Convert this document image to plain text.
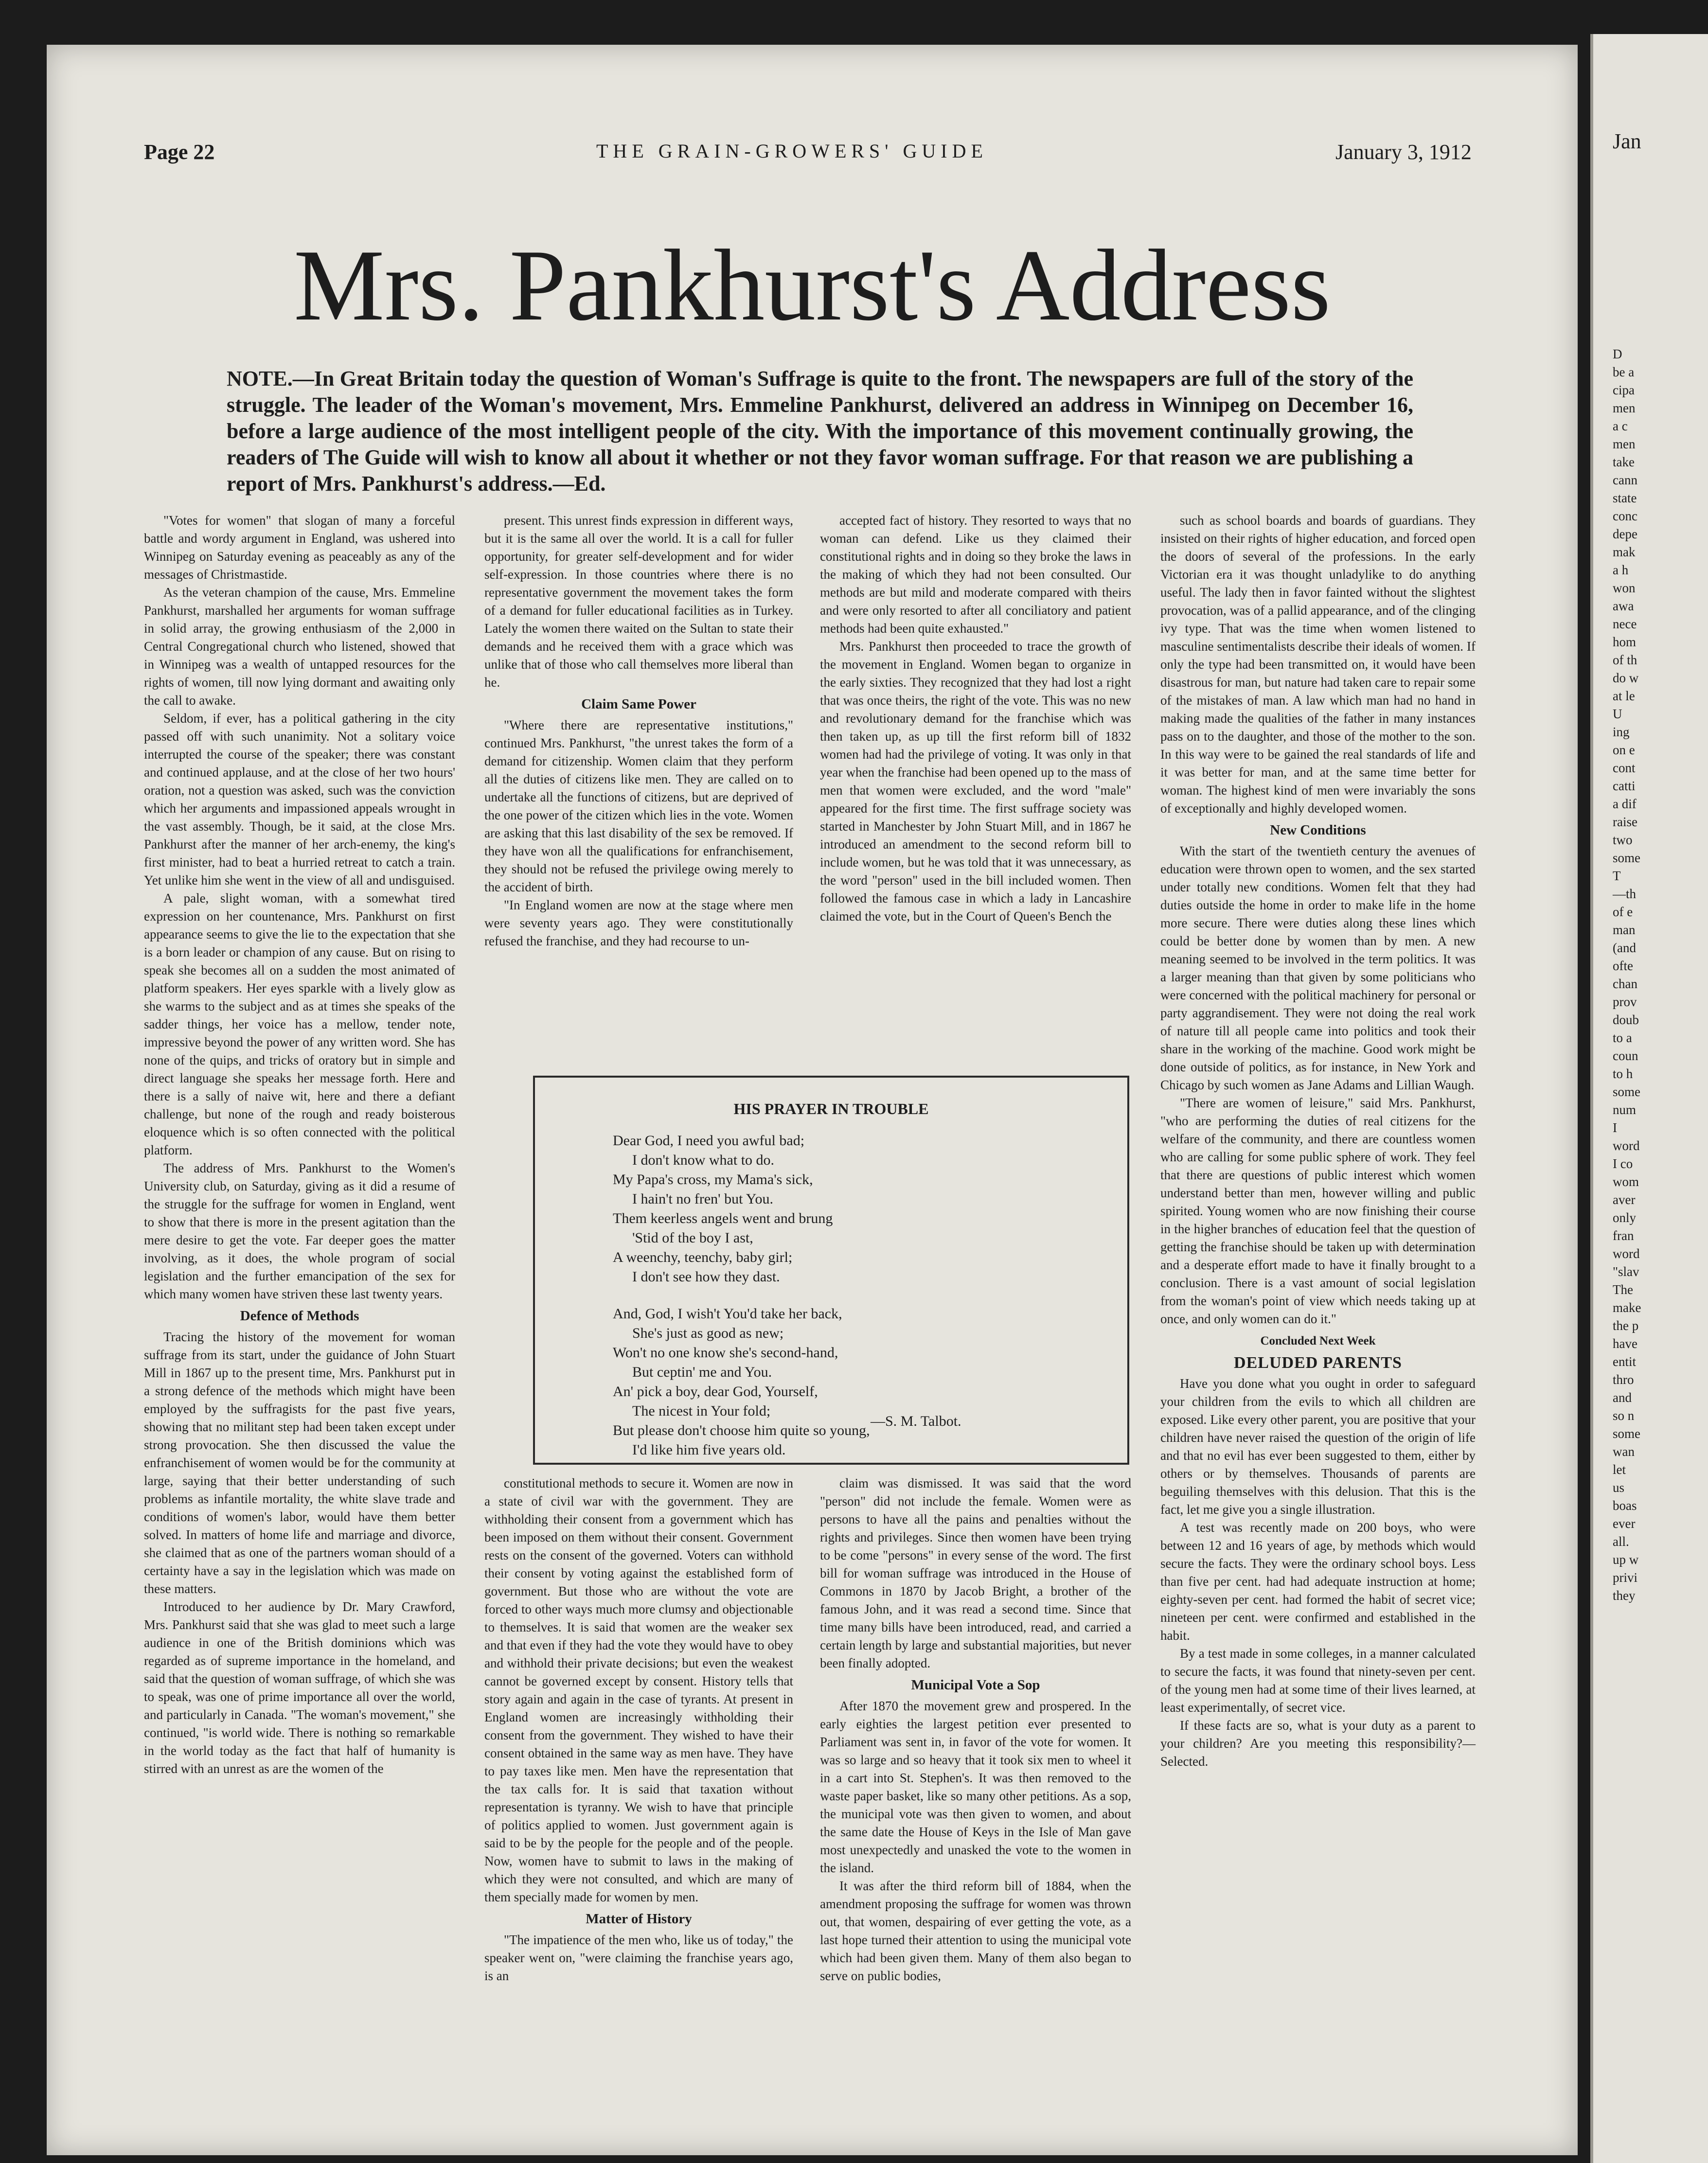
Page 22	THE GRAIN-GROWERS' GUIDE	January 3, 1912
Mrs. Pankhurst's Address
NOTE.—In Great Britain today the question of Woman's Suffrage is quite to the front. The newspapers are full of the story of the struggle. The leader of the Woman's movement, Mrs. Emmeline Pankhurst, delivered an address in Winnipeg on December 16, before a large audience of the most intelligent people of the city. With the importance of this movement continually growing, the readers of The Guide will wish to know all about it whether or not they favor woman suffrage. For that reason we are publishing a report of Mrs. Pankhurst's address.—Ed.

"Votes for women" that slogan of many a forceful battle and wordy argument in England, was ushered into Winnipeg on Saturday evening as peaceably as any of the messages of Christmastide.

As the veteran champion of the cause, Mrs. Emmeline Pankhurst, marshalled her arguments for woman suffrage in solid array, the growing enthusiasm of the 2,000 in Central Congregational church who listened, showed that in Winnipeg was a wealth of untapped resources for the rights of women, till now lying dormant and awaiting only the call to awake.

Seldom, if ever, has a political gathering in the city passed off with such unanimity. Not a solitary voice interrupted the course of the speaker; there was constant and continued applause, and at the close of her two hours' oration, not a question was asked, such was the conviction which her arguments and impassioned appeals wrought in the vast assembly. Though, be it said, at the close Mrs. Pankhurst after the manner of her arch-enemy, the king's first minister, had to beat a hurried retreat to catch a train. Yet unlike him she went in the view of all and undisguised.

A pale, slight woman, with a somewhat tired expression on her countenance, Mrs. Pankhurst on first appearance seems to give the lie to the expectation that she is a born leader or champion of any cause. But on rising to speak she becomes all on a sudden the most animated of platform speakers. Her eyes sparkle with a lively glow as she warms to the subject and as at times she speaks of the sadder things, her voice has a mellow, tender note, impressive beyond the power of any written word. She has none of the quips, and tricks of oratory but in simple and direct language she speaks her message forth. Here and there is a sally of naive wit, here and there a defiant challenge, but none of the rough and ready boisterous eloquence which is so often connected with the political platform.

The address of Mrs. Pankhurst to the Women's University club, on Saturday, giving as it did a resume of the struggle for the suffrage for women in England, went to show that there is more in the present agitation than the mere desire to get the vote. Far deeper goes the matter involving, as it does, the whole program of social legislation and the further emancipation of the sex for which many women have striven these last twenty years.

Defence of Methods

Tracing the history of the movement for woman suffrage from its start, under the guidance of John Stuart Mill in 1867 up to the present time, Mrs. Pankhurst put in a strong defence of the methods which might have been employed by the suffragists for the past five years, showing that no militant step had been taken except under strong provocation. She then discussed the value the enfranchisement of women would be for the community at large, saying that their better understanding of such problems as infantile mortality, the white slave trade and conditions of women's labor, would have them better solved. In matters of home life and marriage and divorce, she claimed that as one of the partners woman should of a certainty have a say in the legislation which was made on these matters.

Introduced to her audience by Dr. Mary Crawford, Mrs. Pankhurst said that she was glad to meet such a large audience in one of the British dominions which was regarded as of supreme importance in the homeland, and said that the question of woman suffrage, of which she was to speak, was one of prime importance all over the world, and particularly in Canada. "The woman's movement," she continued, "is world wide. There is nothing so remarkable in the world today as the fact that half of humanity is stirred with an unrest as are the women of the

present. This unrest finds expression in different ways, but it is the same all over the world. It is a call for fuller opportunity, for greater self-development and for wider self-expression. In those countries where there is no representative government the movement takes the form of a demand for fuller educational facilities as in Turkey. Lately the women there waited on the Sultan to state their demands and he received them with a grace which was unlike that of those who call themselves more liberal than he.

Claim Same Power

"Where there are representative institutions," continued Mrs. Pankhurst, "the unrest takes the form of a demand for citizenship. Women claim that they perform all the duties of citizens like men. They are called on to undertake all the functions of citizens, but are deprived of the one power of the citizen which lies in the vote. Women are asking that this last disability of the sex be removed. If they have won all the qualifications for enfranchisement, they should not be refused the privilege owing merely to the accident of birth.

"In England women are now at the stage where men were seventy years ago. They were constitutionally refused the franchise, and they had recourse to un-

accepted fact of history. They resorted to ways that no woman can defend. Like us they claimed their constitutional rights and in doing so they broke the laws in the making of which they had not been consulted. Our methods are but mild and moderate compared with theirs and were only resorted to after all conciliatory and patient methods had been quite exhausted."

Mrs. Pankhurst then proceeded to trace the growth of the movement in England. Women began to organize in the early sixties. They recognized that they had lost a right that was once theirs, the right of the vote. This was no new and revolutionary demand for the franchise which was then taken up, as up till the first reform bill of 1832 women had had the privilege of voting. It was only in that year when the franchise had been opened up to the mass of men that women were excluded, and the word "male" appeared for the first time. The first suffrage society was started in Manchester by John Stuart Mill, and in 1867 he introduced an amendment to the second reform bill to include women, but he was told that it was unnecessary, as the word "person" used in the bill included women. Then followed the famous case in which a lady in Lancashire claimed the vote, but in the Court of Queen's Bench the

HIS PRAYER IN TROUBLE
Dear God, I need you awful bad;
I don't know what to do.
My Papa's cross, my Mama's sick,
I hain't no fren' but You.
Them keerless angels went and brung
'Stid of the boy I ast,
A weenchy, teenchy, baby girl;
I don't see how they dast.
And, God, I wish't You'd take her back,
She's just as good as new;
Won't no one know she's second-hand,
But ceptin' me and You.
An' pick a boy, dear God, Yourself,
The nicest in Your fold;
But please don't choose him quite so young,
I'd like him five years old.
—S. M. Talbot.

constitutional methods to secure it. Women are now in a state of civil war with the government. They are withholding their consent from a government which has been imposed on them without their consent. Government rests on the consent of the governed. Voters can withhold their consent by voting against the established form of government. But those who are without the vote are forced to other ways much more clumsy and objectionable to themselves. It is said that women are the weaker sex and that even if they had the vote they would have to obey and withhold their private decisions; but even the weakest cannot be governed except by consent. History tells that story again and again in the case of tyrants. At present in England women are increasingly withholding their consent from the government. They wished to have their consent obtained in the same way as men have. They have to pay taxes like men. Men have the representation that the tax calls for. It is said that taxation without representation is tyranny. We wish to have that principle of politics applied to women. Just government again is said to be by the people for the people and of the people. Now, women have to submit to laws in the making of which they were not consulted, and which are many of them specially made for women by men.

Matter of History

"The impatience of the men who, like us of today," the speaker went on, "were claiming the franchise years ago, is an

claim was dismissed. It was said that the word "person" did not include the female. Women were as persons to have all the pains and penalties without the rights and privileges. Since then women have been trying to be come "persons" in every sense of the word. The first bill for woman suffrage was introduced in the House of Commons in 1870 by Jacob Bright, a brother of the famous John, and it was read a second time. Since that time many bills have been introduced, read, and carried a certain length by large and substantial majorities, but never been finally adopted.

Municipal Vote a Sop

After 1870 the movement grew and prospered. In the early eighties the largest petition ever presented to Parliament was sent in, in favor of the vote for women. It was so large and so heavy that it took six men to wheel it in a cart into St. Stephen's. It was then removed to the waste paper basket, like so many other petitions. As a sop, the municipal vote was then given to women, and about the same date the House of Keys in the Isle of Man gave most unexpectedly and unasked the vote to the women in the island.

It was after the third reform bill of 1884, when the amendment proposing the suffrage for women was thrown out, that women, despairing of ever getting the vote, as a last hope turned their attention to using the municipal vote which had been given them. Many of them also began to serve on public bodies,

such as school boards and boards of guardians. They insisted on their rights of higher education, and forced open the doors of several of the professions. In the early Victorian era it was thought unladylike to do anything useful. The lady then in favor fainted without the slightest provocation, was of a pallid appearance, and of the clinging ivy type. That was the time when women listened to masculine sentimentalists describe their ideals of women. If only the type had been transmitted on, it would have been disastrous for man, but nature had taken care to repair some of the mistakes of man. A law which man had no hand in making made the qualities of the father in many instances pass on to the daughter, and those of the mother to the son. In this way were to be gained the real standards of life and it was better for man, and at the same time better for woman. The highest kind of men were invariably the sons of exceptionally and highly developed women.

New Conditions

With the start of the twentieth century the avenues of education were thrown open to women, and the sex started under totally new conditions. Women felt that they had duties outside the home in order to make life in the home more secure. There were duties along these lines which could be better done by women than by men. A new meaning seemed to be involved in the term politics. It was a larger meaning than that given by some politicians who were concerned with the political machinery for personal or party aggrandisement. They were not doing the real work of nature till all people came into politics and took their share in the working of the machine. Good work might be done outside of politics, as for instance, in New York and Chicago by such women as Jane Adams and Lillian Waugh.

"There are women of leisure," said Mrs. Pankhurst, "who are performing the duties of real citizens for the welfare of the community, and there are countless women who are calling for some public sphere of work. They feel that there are questions of public interest which women understand better than men, however willing and public spirited. Young women who are now finishing their course in the higher branches of education feel that the question of getting the franchise should be taken up with determination and a desperate effort made to have it finally brought to a conclusion. There is a vast amount of social legislation from the woman's point of view which needs taking up at once, and only women can do it."

Concluded Next Week
DELUDED PARENTS

Have you done what you ought in order to safeguard your children from the evils to which all children are exposed. Like every other parent, you are positive that your children have never raised the question of the origin of life and that no evil has ever been suggested to them, either by others or by themselves. Thousands of parents are beguiling themselves with this delusion. That this is the fact, let me give you a single illustration.

A test was recently made on 200 boys, who were between 12 and 16 years of age, by methods which would secure the facts. They were the ordinary school boys. Less than five per cent. had had adequate instruction at home; eighty-seven per cent. had formed the habit of secret vice; nineteen per cent. were confirmed and established in the habit.

By a test made in some colleges, in a manner calculated to secure the facts, it was found that ninety-seven per cent. of the young men had at some time of their lives learned, at least experimentally, of secret vice.

If these facts are so, what is your duty as a parent to your children? Are you meeting this responsibility?—Selected.

Jan
D
be a
cipa
men
a c
men
take
cann
state
conc
depe
mak
a h
won
awa
nece
hom
of th
do w
at le
U
ing
on e
cont
catti
a dif
raise
two
some
T
—th
of e
man
(and
ofte
chan
prov
doub
to a
coun
to h
some
num
I
word
I co
wom
aver
only
fran
word
"slav
The
make
the p
have
entit
thro
and
so n
some
wan
let
us
boas
ever
all.
up w
privi
they
